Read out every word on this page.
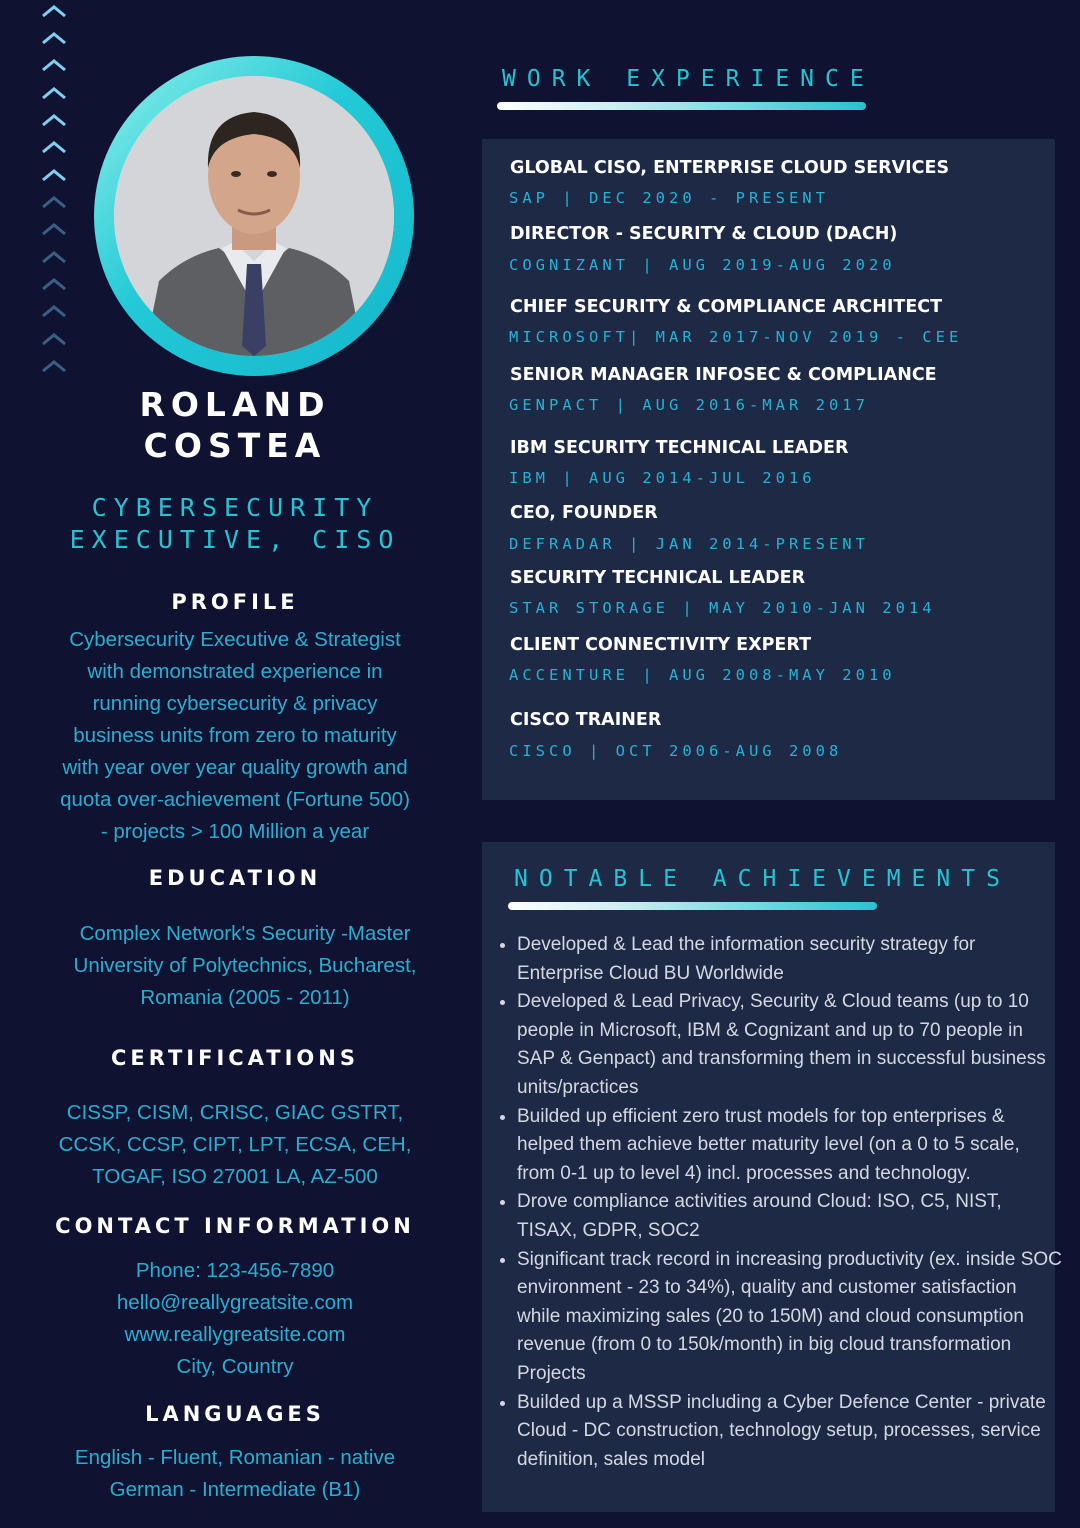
ROLAND
COSTEA
CYBERSECURITY
EXECUTIVE, CISO
PROFILE
Cybersecurity Executive & Strategist
with demonstrated experience in
running cybersecurity & privacy
business units from zero to maturity
with year over year quality growth and
quota over-achievement (Fortune 500)
- projects > 100 Million a year
EDUCATION
Complex Network's Security -Master
University of Polytechnics, Bucharest,
Romania (2005 - 2011)
CERTIFICATIONS
CISSP, CISM, CRISC, GIAC GSTRT,
CCSK, CCSP, CIPT, LPT, ECSA, CEH,
TOGAF, ISO 27001 LA, AZ-500
CONTACT INFORMATION
Phone: 123-456-7890
hello@reallygreatsite.com
www.reallygreatsite.com
City, Country
LANGUAGES
English - Fluent, Romanian - native
German - Intermediate (B1)
WORK EXPERIENCE
GLOBAL CISO, ENTERPRISE CLOUD SERVICES
SAP | DEC 2020 - PRESENT
DIRECTOR - SECURITY & CLOUD (DACH)
COGNIZANT | AUG 2019-AUG 2020
CHIEF SECURITY & COMPLIANCE ARCHITECT
MICROSOFT| MAR 2017-NOV 2019 - CEE
SENIOR MANAGER INFOSEC & COMPLIANCE
GENPACT | AUG 2016-MAR 2017
IBM SECURITY TECHNICAL LEADER
IBM | AUG 2014-JUL 2016
CEO, FOUNDER
DEFRADAR | JAN 2014-PRESENT
SECURITY TECHNICAL LEADER
STAR STORAGE | MAY 2010-JAN 2014
CLIENT CONNECTIVITY EXPERT
ACCENTURE | AUG 2008-MAY 2010
CISCO TRAINER
CISCO | OCT 2006-AUG 2008
NOTABLE ACHIEVEMENTS
• Developed & Lead the information security strategy for Enterprise Cloud BU Worldwide
• Developed & Lead Privacy, Security & Cloud teams (up to 10 people in Microsoft, IBM & Cognizant and up to 70 people in SAP & Genpact) and transforming them in successful business units/practices
• Builded up efficient zero trust models for top enterprises & helped them achieve better maturity level (on a 0 to 5 scale, from 0-1 up to level 4) incl. processes and technology.
• Drove compliance activities around Cloud: ISO, C5, NIST, TISAX, GDPR, SOC2
• Significant track record in increasing productivity (ex. inside SOC environment - 23 to 34%), quality and customer satisfaction while maximizing sales (20 to 150M) and cloud consumption revenue (from 0 to 150k/month) in big cloud transformation Projects
• Builded up a MSSP including a Cyber Defence Center - private Cloud - DC construction, technology setup, processes, service definition, sales model
